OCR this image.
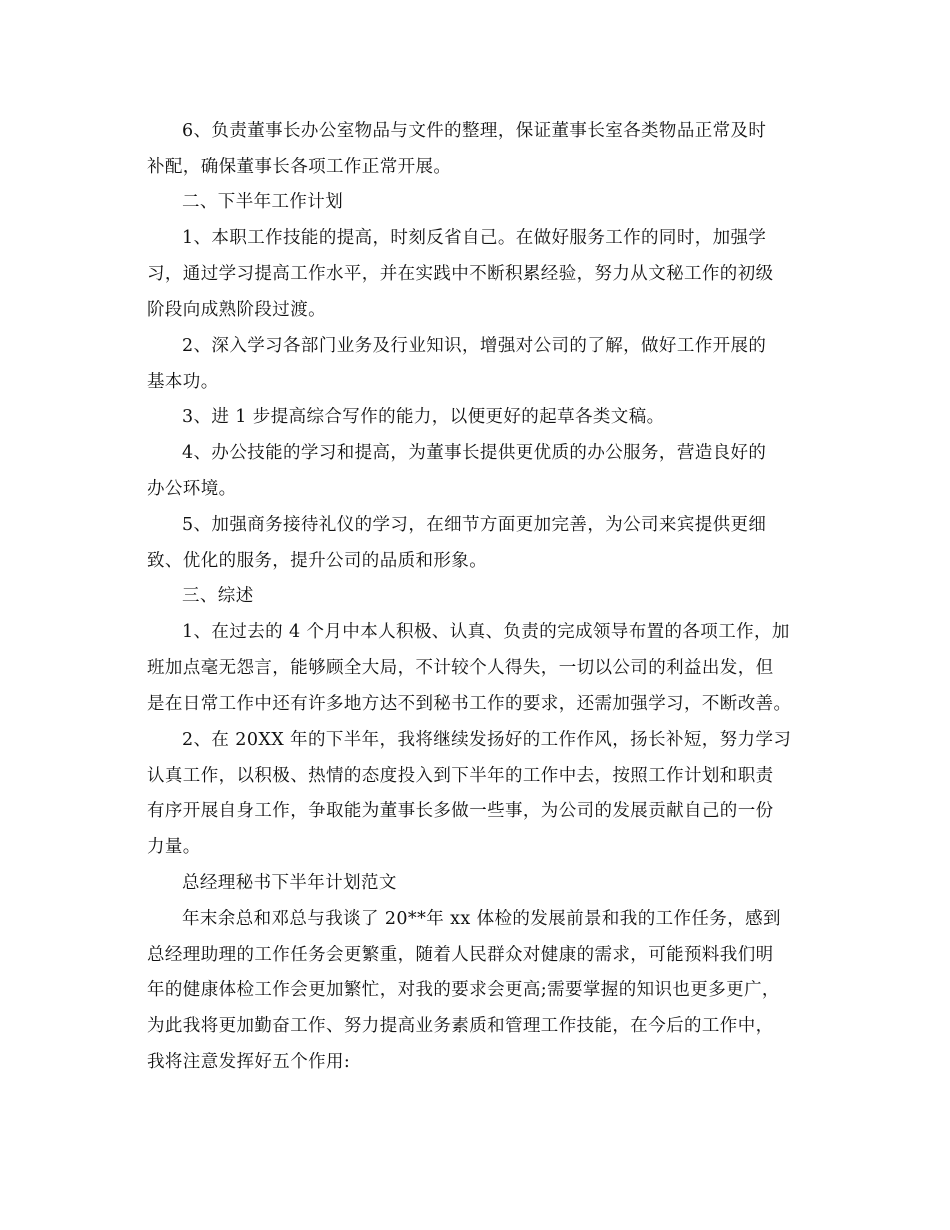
6、负责董事长办公室物品与文件的整理，保证董事长室各类物品正常及时
补配，确保董事长各项工作正常开展。
二、下半年工作计划
1、本职工作技能的提高，时刻反省自己。在做好服务工作的同时，加强学
习，通过学习提高工作水平，并在实践中不断积累经验，努力从文秘工作的初级
阶段向成熟阶段过渡。
2、深入学习各部门业务及行业知识，增强对公司的了解，做好工作开展的
基本功。
3、进 1 步提高综合写作的能力，以便更好的起草各类文稿。
4、办公技能的学习和提高，为董事长提供更优质的办公服务，营造良好的
办公环境。
5、加强商务接待礼仪的学习，在细节方面更加完善，为公司来宾提供更细
致、优化的服务，提升公司的品质和形象。
三、综述
1、在过去的 4 个月中本人积极、认真、负责的完成领导布置的各项工作，加
班加点毫无怨言，能够顾全大局，不计较个人得失，一切以公司的利益出发，但
是在日常工作中还有许多地方达不到秘书工作的要求，还需加强学习，不断改善。
2、在 20XX 年的下半年，我将继续发扬好的工作作风，扬长补短，努力学习
认真工作，以积极、热情的态度投入到下半年的工作中去，按照工作计划和职责
有序开展自身工作，争取能为董事长多做一些事，为公司的发展贡献自己的一份
力量。
总经理秘书下半年计划范文
年末余总和邓总与我谈了 20**年 xx 体检的发展前景和我的工作任务，感到
总经理助理的工作任务会更繁重，随着人民群众对健康的需求，可能预料我们明
年的健康体检工作会更加繁忙，对我的要求会更高;需要掌握的知识也更多更广，
为此我将更加勤奋工作、努力提高业务素质和管理工作技能，在今后的工作中，
我将注意发挥好五个作用:
